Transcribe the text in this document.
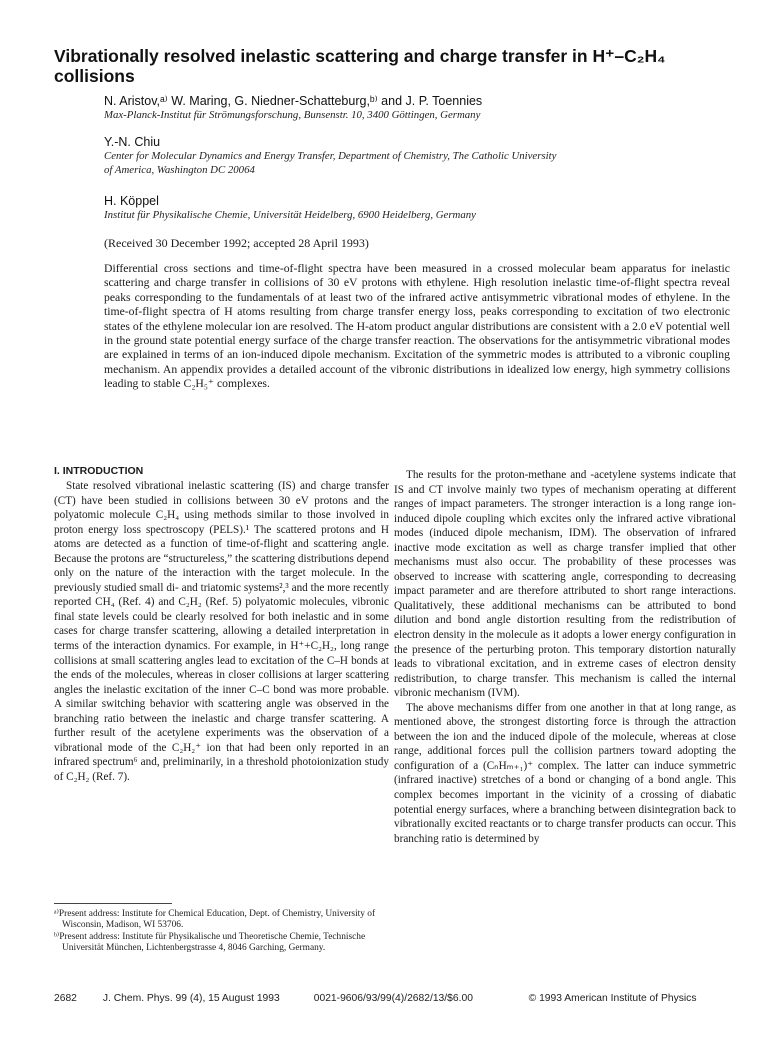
Vibrationally resolved inelastic scattering and charge transfer in H⁺–C₂H₄
collisions
N. Aristov,ᵃ⁾ W. Maring, G. Niedner-Schatteburg,ᵇ⁾ and J. P. Toennies
Max-Planck-Institut für Strömungsforschung, Bunsenstr. 10, 3400 Göttingen, Germany
Y.-N. Chiu
Center for Molecular Dynamics and Energy Transfer, Department of Chemistry, The Catholic University
of America, Washington DC 20064
H. Köppel
Institut für Physikalische Chemie, Universität Heidelberg, 6900 Heidelberg, Germany
(Received 30 December 1992; accepted 28 April 1993)

Differential cross sections and time-of-flight spectra have been measured in a crossed molecular beam apparatus for inelastic scattering and charge transfer in collisions of 30 eV protons with ethylene. High resolution inelastic time-of-flight spectra reveal peaks corresponding to the fundamentals of at least two of the infrared active antisymmetric vibrational modes of ethylene. In the time-of-flight spectra of H atoms resulting from charge transfer energy loss, peaks corresponding to excitation of two electronic states of the ethylene molecular ion are resolved. The H-atom product angular distributions are consistent with a 2.0 eV potential well in the ground state potential energy surface of the charge transfer reaction. The observations for the antisymmetric vibrational modes are explained in terms of an ion-induced dipole mechanism. Excitation of the symmetric modes is attributed to a vibronic coupling mechanism. An appendix provides a detailed account of the vibronic distributions in idealized low energy, high symmetry collisions leading to stable C₂H₅⁺ complexes.

I. INTRODUCTION

State resolved vibrational inelastic scattering (IS) and charge transfer (CT) have been studied in collisions between 30 eV protons and the polyatomic molecule C₂H₄ using methods similar to those involved in proton energy loss spectroscopy (PELS).¹ The scattered protons and H atoms are detected as a function of time-of-flight and scattering angle. Because the protons are “structureless,” the scattering distributions depend only on the nature of the interaction with the target molecule. In the previously studied small di- and triatomic systems²,³ and the more recently reported CH₄ (Ref. 4) and C₂H₂ (Ref. 5) polyatomic molecules, vibronic final state levels could be clearly resolved for both inelastic and in some cases for charge transfer scattering, allowing a detailed interpretation in terms of the interaction dynamics. For example, in H⁺+C₂H₂, long range collisions at small scattering angles lead to excitation of the C–H bonds at the ends of the molecules, whereas in closer collisions at larger scattering angles the inelastic excitation of the inner C–C bond was more probable. A similar switching behavior with scattering angle was observed in the branching ratio between the inelastic and charge transfer scattering. A further result of the acetylene experiments was the observation of a vibrational mode of the C₂H₂⁺ ion that had been only reported in an infrared spectrum⁶ and, preliminarily, in a threshold photoionization study of C₂H₂ (Ref. 7).

The results for the proton-methane and -acetylene systems indicate that IS and CT involve mainly two types of mechanism operating at different ranges of impact parameters. The stronger interaction is a long range ion-induced dipole coupling which excites only the infrared active vibrational modes (induced dipole mechanism, IDM). The observation of infrared inactive mode excitation as well as charge transfer implied that other mechanisms must also occur. The probability of these processes was observed to increase with scattering angle, corresponding to decreasing impact parameter and are therefore attributed to short range interactions. Qualitatively, these additional mechanisms can be attributed to bond dilution and bond angle distortion resulting from the redistribution of electron density in the molecule as it adopts a lower energy configuration in the presence of the perturbing proton. This temporary distortion naturally leads to vibrational excitation, and in extreme cases of electron density redistribution, to charge transfer. This mechanism is called the internal vibronic mechanism (IVM).

The above mechanisms differ from one another in that at long range, as mentioned above, the strongest distorting force is through the attraction between the ion and the induced dipole of the molecule, whereas at close range, additional forces pull the collision partners toward adopting the configuration of a (CₙHₘ₊₁)⁺ complex. The latter can induce symmetric (infrared inactive) stretches of a bond or changing of a bond angle. This complex becomes important in the vicinity of a crossing of diabatic potential energy surfaces, where a branching between disintegration back to vibrationally excited reactants or to charge transfer products can occur. This branching ratio is determined by

ᵃ⁾Present address: Institute for Chemical Education, Dept. of Chemistry, University of Wisconsin, Madison, WI 53706.

ᵇ⁾Present address: Institute für Physikalische und Theoretische Chemie, Technische Universität München, Lichtenbergstrasse 4, 8046 Garching, Germany.

2682	J. Chem. Phys. 99 (4), 15 August 1993	0021-9606/93/99(4)/2682/13/$6.00	© 1993 American Institute of Physics
